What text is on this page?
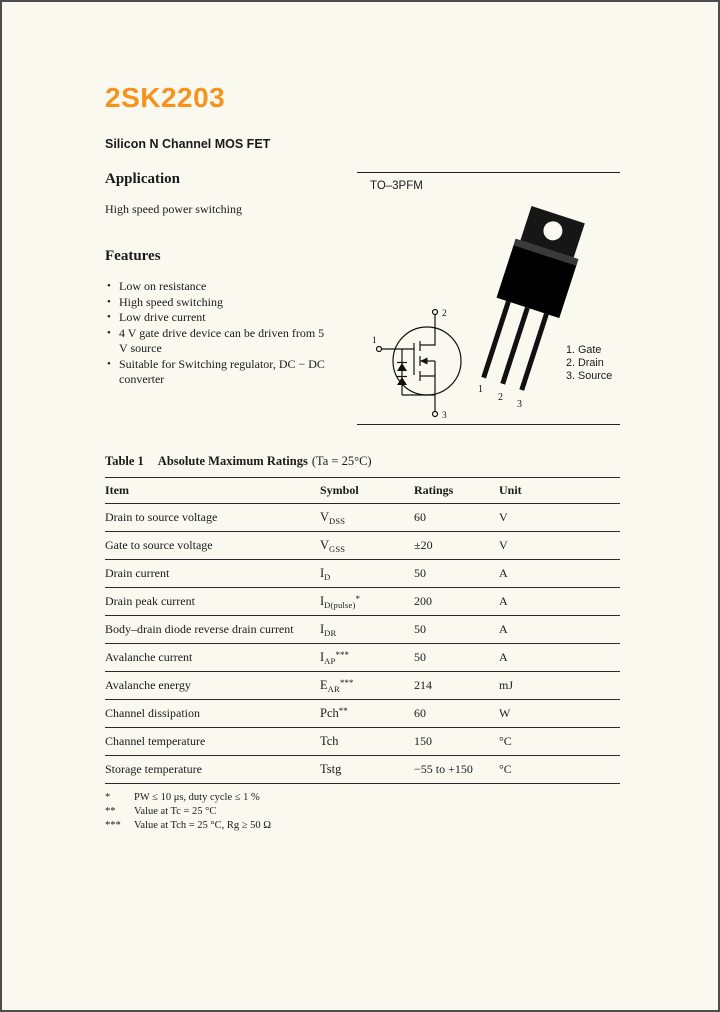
2SK2203
Silicon N Channel MOS FET
Application
High speed power switching
Features
• Low on resistance
• High speed switching
• Low drive current
• 4 V gate drive device can be driven from 5 V source
• Suitable for Switching regulator, DC − DC converter
1
2
3
1
2
3
TO–3PFM
1. Gate
2. Drain
3. Source
Table 1 Absolute Maximum Ratings (Ta = 25°C)
Item	Symbol	Ratings	Unit
Drain to source voltage	$V_{DSS}$	60	V
Gate to source voltage	$V_{GSS}$	±20	V
Drain current	$I_D$	50	A
Drain peak current	$I_{D(pulse)}^*$	200	A
Body–drain diode reverse drain current	$I_{DR}$	50	A
Avalanche current	$I_{AP}^{***}$	50	A
Avalanche energy	$E_{AR}^{***}$	214	mJ
Channel dissipation	Pch**	60	W
Channel temperature	Tch	150	°C
Storage temperature	Tstg	−55 to +150	°C
* PW ≤ 10 μs, duty cycle ≤ 1 %
** Value at Tc = 25 °C
*** Value at Tch = 25 °C, Rg ≥ 50 Ω
